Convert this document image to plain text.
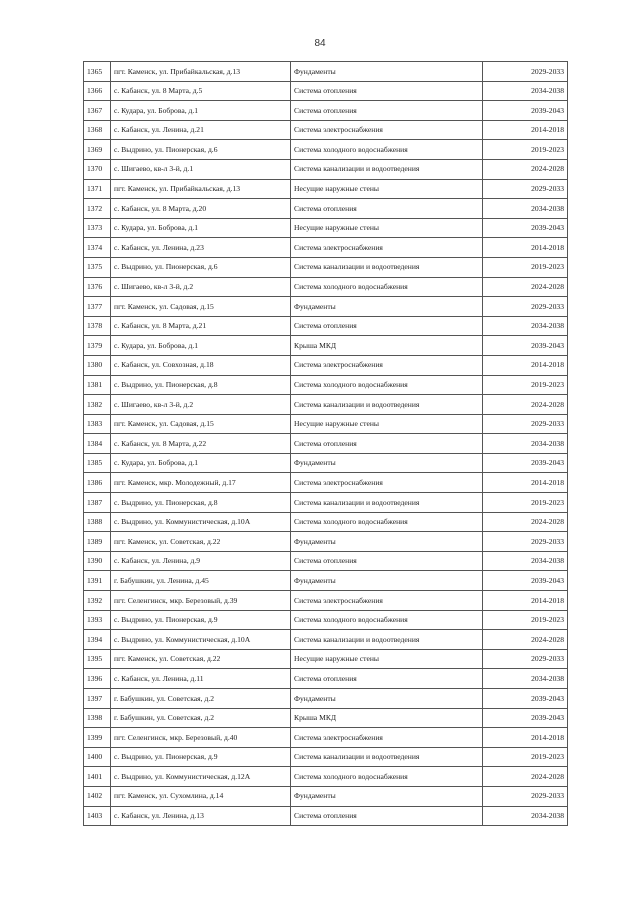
84
1365	пгт. Каменск, ул. Прибайкальская, д.13	Фундаменты	2029-2033
1366	с. Кабанск, ул. 8 Марта, д.5	Система отопления	2034-2038
1367	с. Кудара, ул. Боброва, д.1	Система отопления	2039-2043
1368	с. Кабанск, ул. Ленина, д.21	Система электроснабжения	2014-2018
1369	с. Выдрино, ул. Пионерская, д.6	Система холодного водоснабжения	2019-2023
1370	с. Шигаево, кв-л 3-й, д.1	Система канализации и водоотведения	2024-2028
1371	пгт. Каменск, ул. Прибайкальская, д.13	Несущие наружные стены	2029-2033
1372	с. Кабанск, ул. 8 Марта, д.20	Система отопления	2034-2038
1373	с. Кудара, ул. Боброва, д.1	Несущие наружные стены	2039-2043
1374	с. Кабанск, ул. Ленина, д.23	Система электроснабжения	2014-2018
1375	с. Выдрино, ул. Пионерская, д.6	Система канализации и водоотведения	2019-2023
1376	с. Шигаево, кв-л 3-й, д.2	Система холодного водоснабжения	2024-2028
1377	пгт. Каменск, ул. Садовая, д.15	Фундаменты	2029-2033
1378	с. Кабанск, ул. 8 Марта, д.21	Система отопления	2034-2038
1379	с. Кудара, ул. Боброва, д.1	Крыша МКД	2039-2043
1380	с. Кабанск, ул. Совхозная, д.18	Система электроснабжения	2014-2018
1381	с. Выдрино, ул. Пионерская, д.8	Система холодного водоснабжения	2019-2023
1382	с. Шигаево, кв-л 3-й, д.2	Система канализации и водоотведения	2024-2028
1383	пгт. Каменск, ул. Садовая, д.15	Несущие наружные стены	2029-2033
1384	с. Кабанск, ул. 8 Марта, д.22	Система отопления	2034-2038
1385	с. Кудара, ул. Боброва, д.1	Фундаменты	2039-2043
1386	пгт. Каменск, мкр. Молодежный, д.17	Система электроснабжения	2014-2018
1387	с. Выдрино, ул. Пионерская, д.8	Система канализации и водоотведения	2019-2023
1388	с. Выдрино, ул. Коммунистическая, д.10А	Система холодного водоснабжения	2024-2028
1389	пгт. Каменск, ул. Советская, д.22	Фундаменты	2029-2033
1390	с. Кабанск, ул. Ленина, д.9	Система отопления	2034-2038
1391	г. Бабушкин, ул. Ленина, д.45	Фундаменты	2039-2043
1392	пгт. Селенгинск, мкр. Березовый, д.39	Система электроснабжения	2014-2018
1393	с. Выдрино, ул. Пионерская, д.9	Система холодного водоснабжения	2019-2023
1394	с. Выдрино, ул. Коммунистическая, д.10А	Система канализации и водоотведения	2024-2028
1395	пгт. Каменск, ул. Советская, д.22	Несущие наружные стены	2029-2033
1396	с. Кабанск, ул. Ленина, д.11	Система отопления	2034-2038
1397	г. Бабушкин, ул. Советская, д.2	Фундаменты	2039-2043
1398	г. Бабушкин, ул. Советская, д.2	Крыша МКД	2039-2043
1399	пгт. Селенгинск, мкр. Березовый, д.40	Система электроснабжения	2014-2018
1400	с. Выдрино, ул. Пионерская, д.9	Система канализации и водоотведения	2019-2023
1401	с. Выдрино, ул. Коммунистическая, д.12А	Система холодного водоснабжения	2024-2028
1402	пгт. Каменск, ул. Сухомлина, д.14	Фундаменты	2029-2033
1403	с. Кабанск, ул. Ленина, д.13	Система отопления	2034-2038
